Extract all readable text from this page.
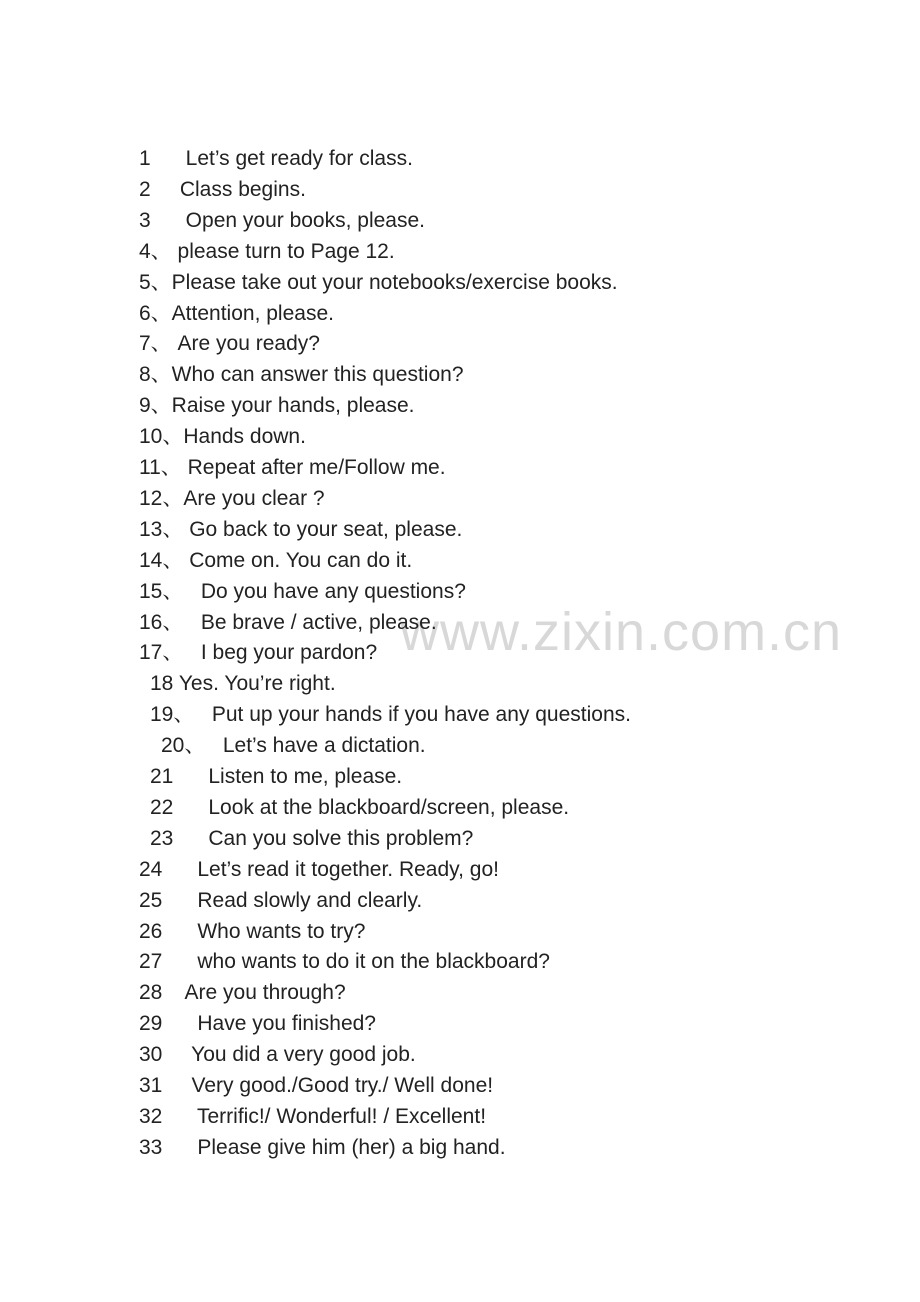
www.zixin.com.cn

1      Let’s get ready for class.

2     Class begins.

3      Open your books, please.

4、 please turn to Page 12.

5、Please take out your notebooks/exercise books.

6、Attention, please.

7、 Are you ready?

8、Who can answer this question?

9、Raise your hands, please.

10、Hands down.

11、 Repeat after me/Follow me.

12、Are you clear ?

13、 Go back to your seat, please.

14、 Come on. You can do it.

15、   Do you have any questions?

16、   Be brave / active, please.

17、   I beg your pardon?

18 Yes. You’re right.

19、   Put up your hands if you have any questions.

20、   Let’s have a dictation.

21      Listen to me, please.

22      Look at the blackboard/screen, please.

23      Can you solve this problem?

24      Let’s read it together. Ready, go!

25      Read slowly and clearly.

26      Who wants to try?

27      who wants to do it on the blackboard?

28    Are you through?

29      Have you finished?

30     You did a very good job.

31     Very good./Good try./ Well done!

32      Terrific!/ Wonderful! / Excellent!

33      Please give him (her) a big hand.
